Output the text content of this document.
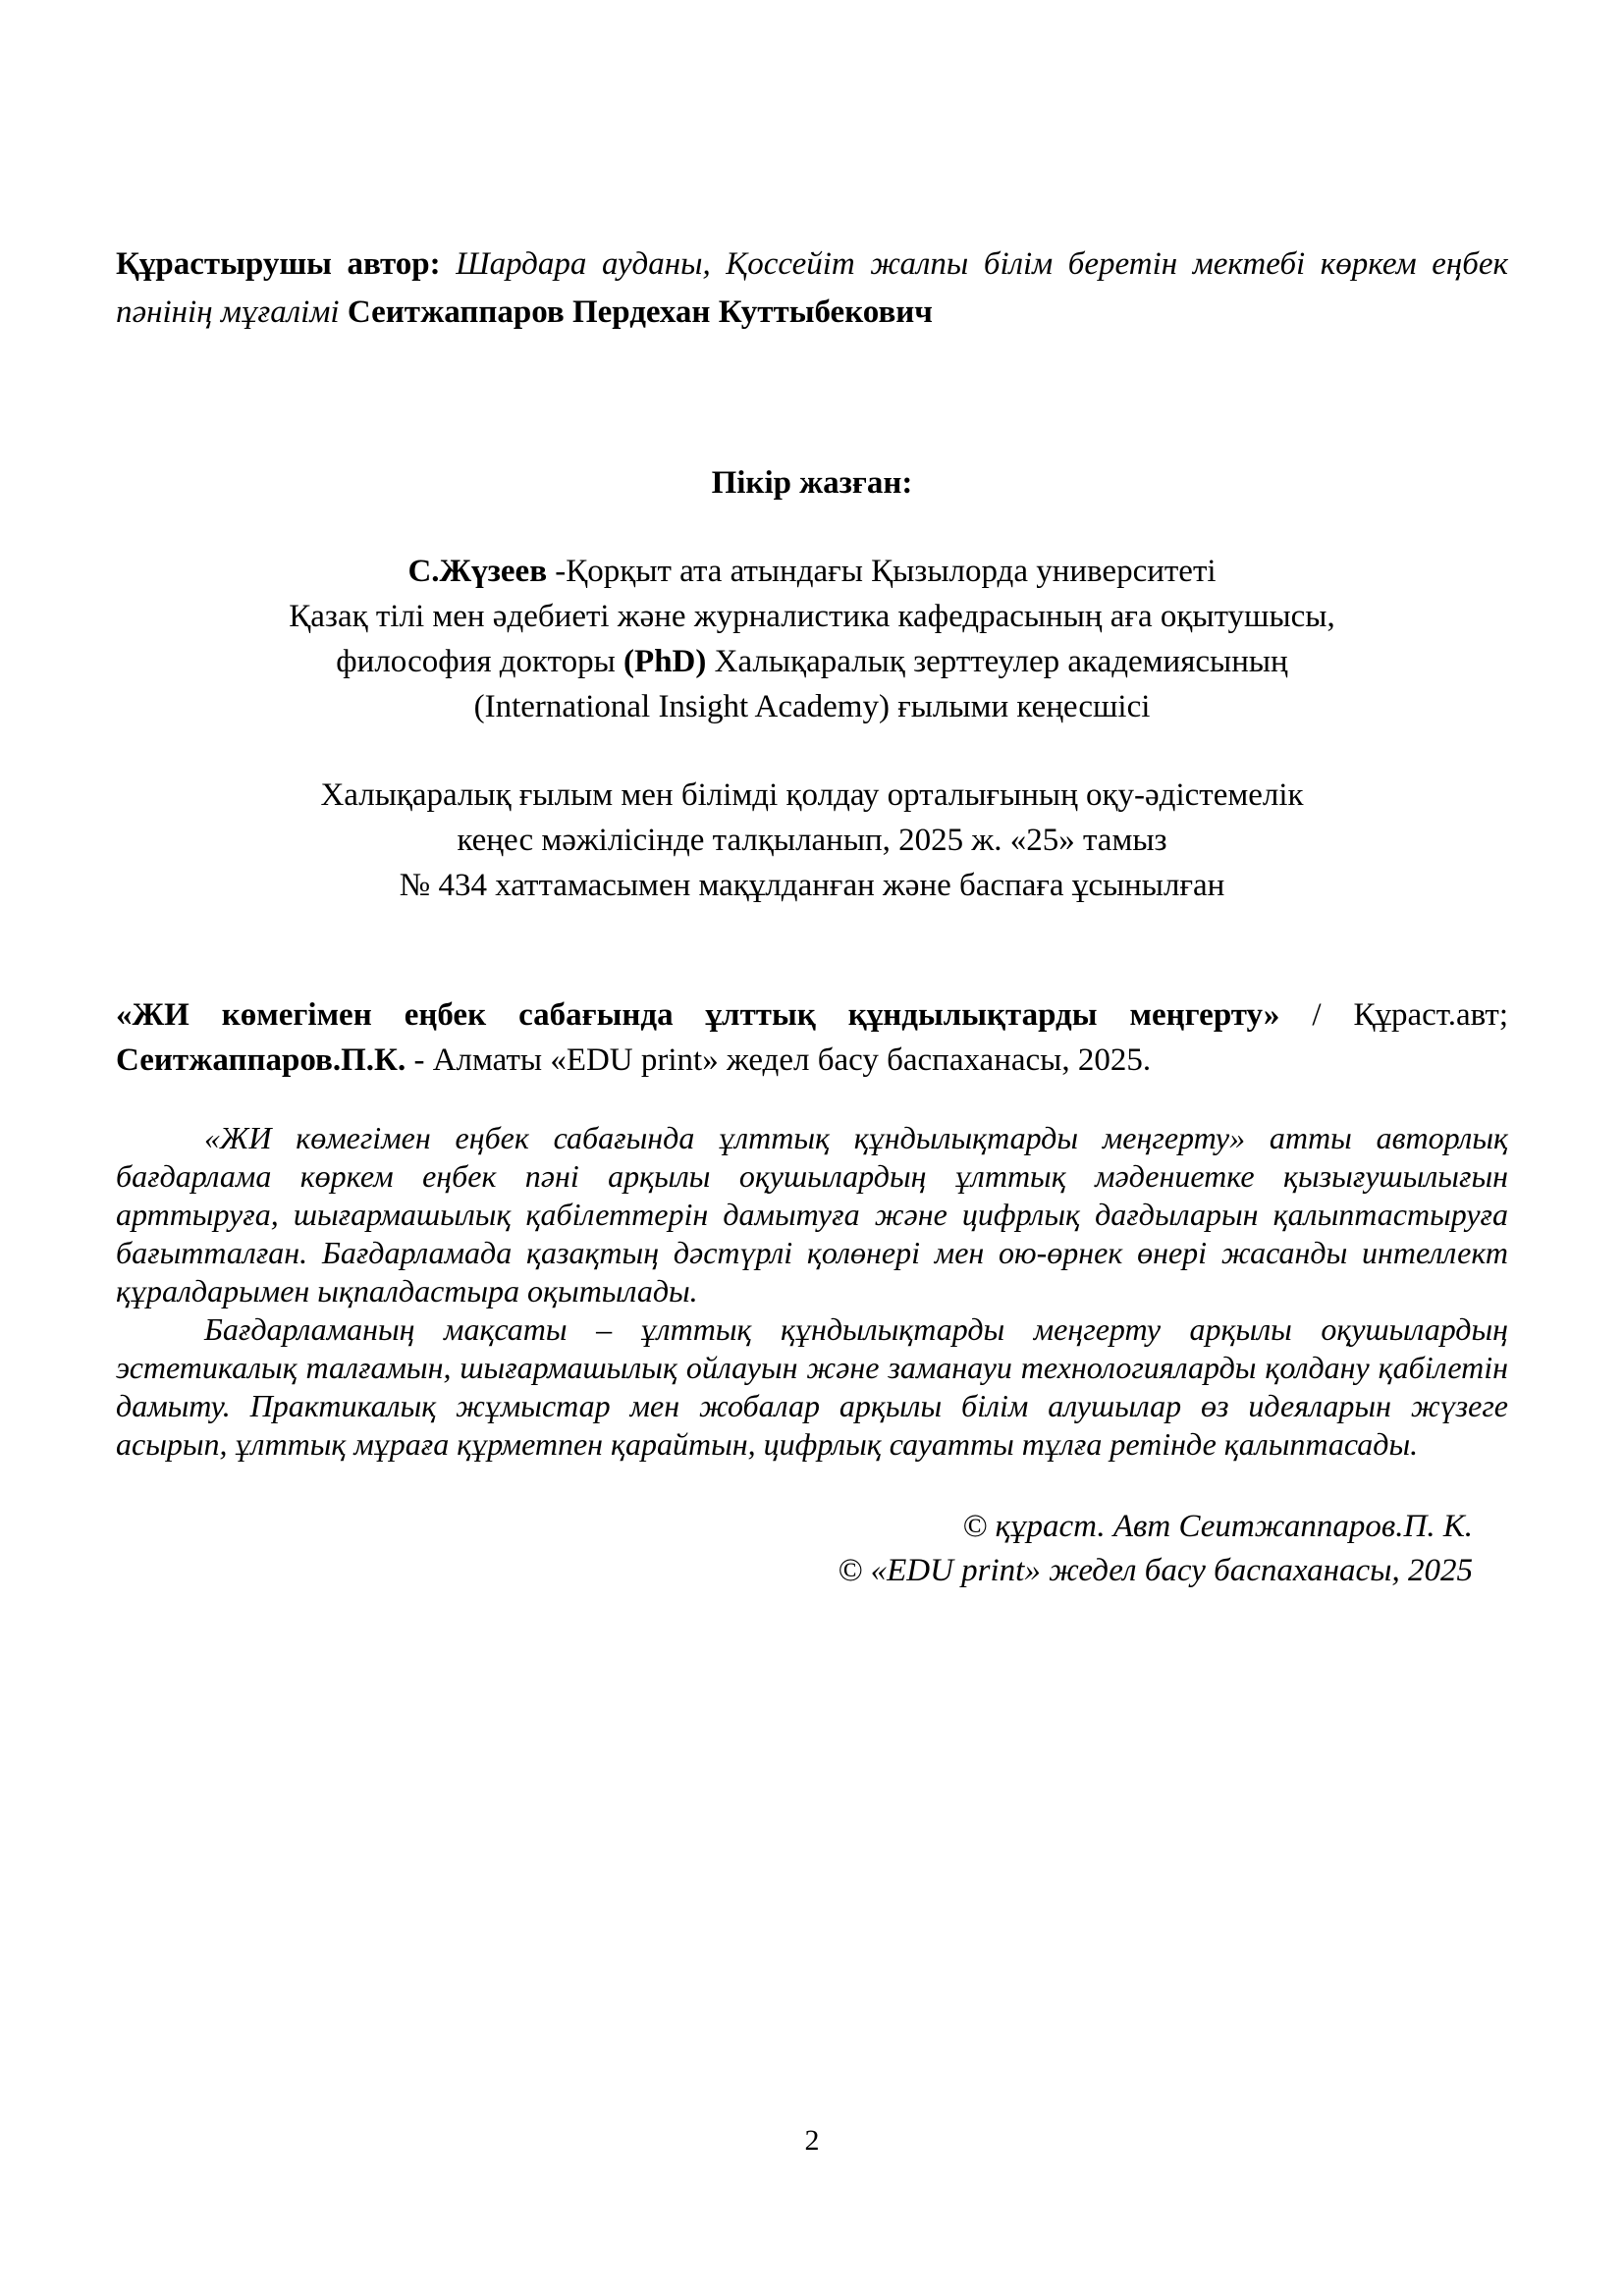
Құрастырушы автор: Шардара ауданы, Қоссейіт жалпы білім беретін мектебі көркем еңбек пәнінің мұғалімі Сеитжаппаров Пердехан Куттыбекович

Пікір жазған:
С.Жүзеев -Қорқыт ата атындағы Қызылорда университеті
Қазақ тілі мен әдебиеті және журналистика кафедрасының аға оқытушысы,
философия докторы (PhD) Халықаралық зерттеулер академиясының
(International Insight Academy) ғылыми кеңесшісі
Халықаралық ғылым мен білімді қолдау орталығының оқу-әдістемелік
кеңес мәжілісінде талқыланып, 2025 ж. «25» тамыз
№ 434 хаттамасымен мақұлданған және баспаға ұсынылған

«ЖИ көмегімен еңбек сабағында ұлттық құндылықтарды меңгерту» / Құраст.авт; Сеитжаппаров.П.К. - Алматы «EDU print» жедел басу баспаханасы, 2025.

«ЖИ көмегімен еңбек сабағында ұлттық құндылықтарды меңгерту» атты авторлық бағдарлама көркем еңбек пәні арқылы оқушылардың ұлттық мәдениетке қызығушылығын арттыруға, шығармашылық қабілеттерін дамытуға және цифрлық дағдыларын қалыптастыруға бағытталған. Бағдарламада қазақтың дәстүрлі қолөнері мен ою-өрнек өнері жасанды интеллект құралдарымен ықпалдастыра оқытылады.

Бағдарламаның мақсаты – ұлттық құндылықтарды меңгерту арқылы оқушылардың эстетикалық талғамын, шығармашылық ойлауын және заманауи технологияларды қолдану қабілетін дамыту. Практикалық жұмыстар мен жобалар арқылы білім алушылар өз идеяларын жүзеге асырып, ұлттық мұраға құрметпен қарайтын, цифрлық сауатты тұлға ретінде қалыптасады.

© құраст. Авт Сеитжаппаров.П. К.
© «EDU print» жедел басу баспаханасы, 2025
2
